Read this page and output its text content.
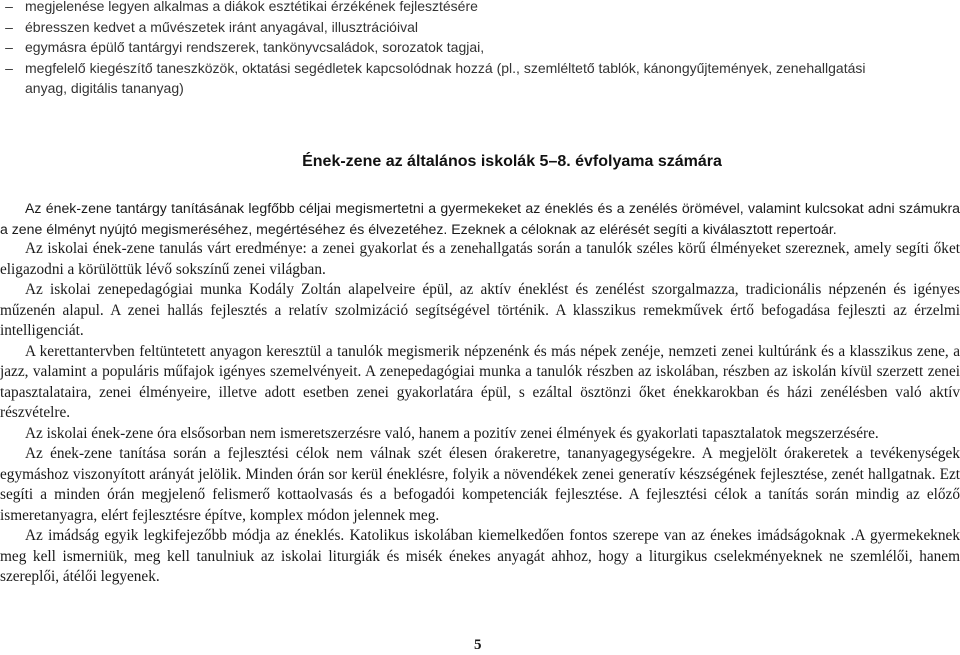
– megjelenése legyen alkalmas a diákok esztétikai érzékének fejlesztésére

– ébresszen kedvet a művészetek iránt anyagával, illusztrációival

– egymásra épülő tantárgyi rendszerek, tankönyvcsaládok, sorozatok tagjai,

– megfelelő kiegészítő taneszközök, oktatási segédletek kapcsolódnak hozzá (pl., szemléltető tablók, kánongyűjtemények, zenehallgatási

anyag, digitális tananyag)

Ének-zene az általános iskolák 5–8. évfolyama számára

Az ének-zene tantárgy tanításának legfőbb céljai megismertetni a gyermekeket az éneklés és a zenélés örömével, valamint kulcsokat adni számukra a zene élményt nyújtó megismeréséhez, megértéséhez és élvezetéhez. Ezeknek a céloknak az elérését segíti a kiválasztott repertoár.

Az iskolai ének-zene tanulás várt eredménye: a zenei gyakorlat és a zenehallgatás során a tanulók széles körű élményeket szereznek, amely segíti őket eligazodni a körülöttük lévő sokszínű zenei világban.

Az iskolai zenepedagógiai munka Kodály Zoltán alapelveire épül, az aktív éneklést és zenélést szorgalmazza, tradicionális népzenén és igényes műzenén alapul. A zenei hallás fejlesztés a relatív szolmizáció segítségével történik. A klasszikus remekművek értő befogadása fejleszti az érzelmi intelligenciát.

A kerettantervben feltüntetett anyagon keresztül a tanulók megismerik népzenénk és más népek zenéje, nemzeti zenei kultúránk és a klasszikus zene, a jazz, valamint a populáris műfajok igényes szemelvényeit. A zenepedagógiai munka a tanulók részben az iskolában, részben az iskolán kívül szerzett zenei tapasztalataira, zenei élményeire, illetve adott esetben zenei gyakorlatára épül, s ezáltal ösztönzi őket énekkarokban és házi zenélésben való aktív részvételre.

Az iskolai ének-zene óra elsősorban nem ismeretszerzésre való, hanem a pozitív zenei élmények és gyakorlati tapasztalatok megszerzésére.

Az ének-zene tanítása során a fejlesztési célok nem válnak szét élesen órakeretre, tananyagegységekre. A megjelölt órakeretek a tevékenységek egymáshoz viszonyított arányát jelölik. Minden órán sor kerül éneklésre, folyik a növendékek zenei generatív készségének fejlesztése, zenét hallgatnak. Ezt segíti a minden órán megjelenő felismerő kottaolvasás és a befogadói kompetenciák fejlesztése. A fejlesztési célok a tanítás során mindig az előző ismeretanyagra, elért fejlesztésre építve, komplex módon jelennek meg.

Az imádság egyik legkifejezőbb módja az éneklés. Katolikus iskolában kiemelkedően fontos szerepe van az énekes imádságoknak .A gyermekeknek meg kell ismerniük, meg kell tanulniuk az iskolai liturgiák és misék énekes anyagát ahhoz, hogy a liturgikus cselekményeknek ne szemlélői, hanem szereplői, átélői legyenek.

5
